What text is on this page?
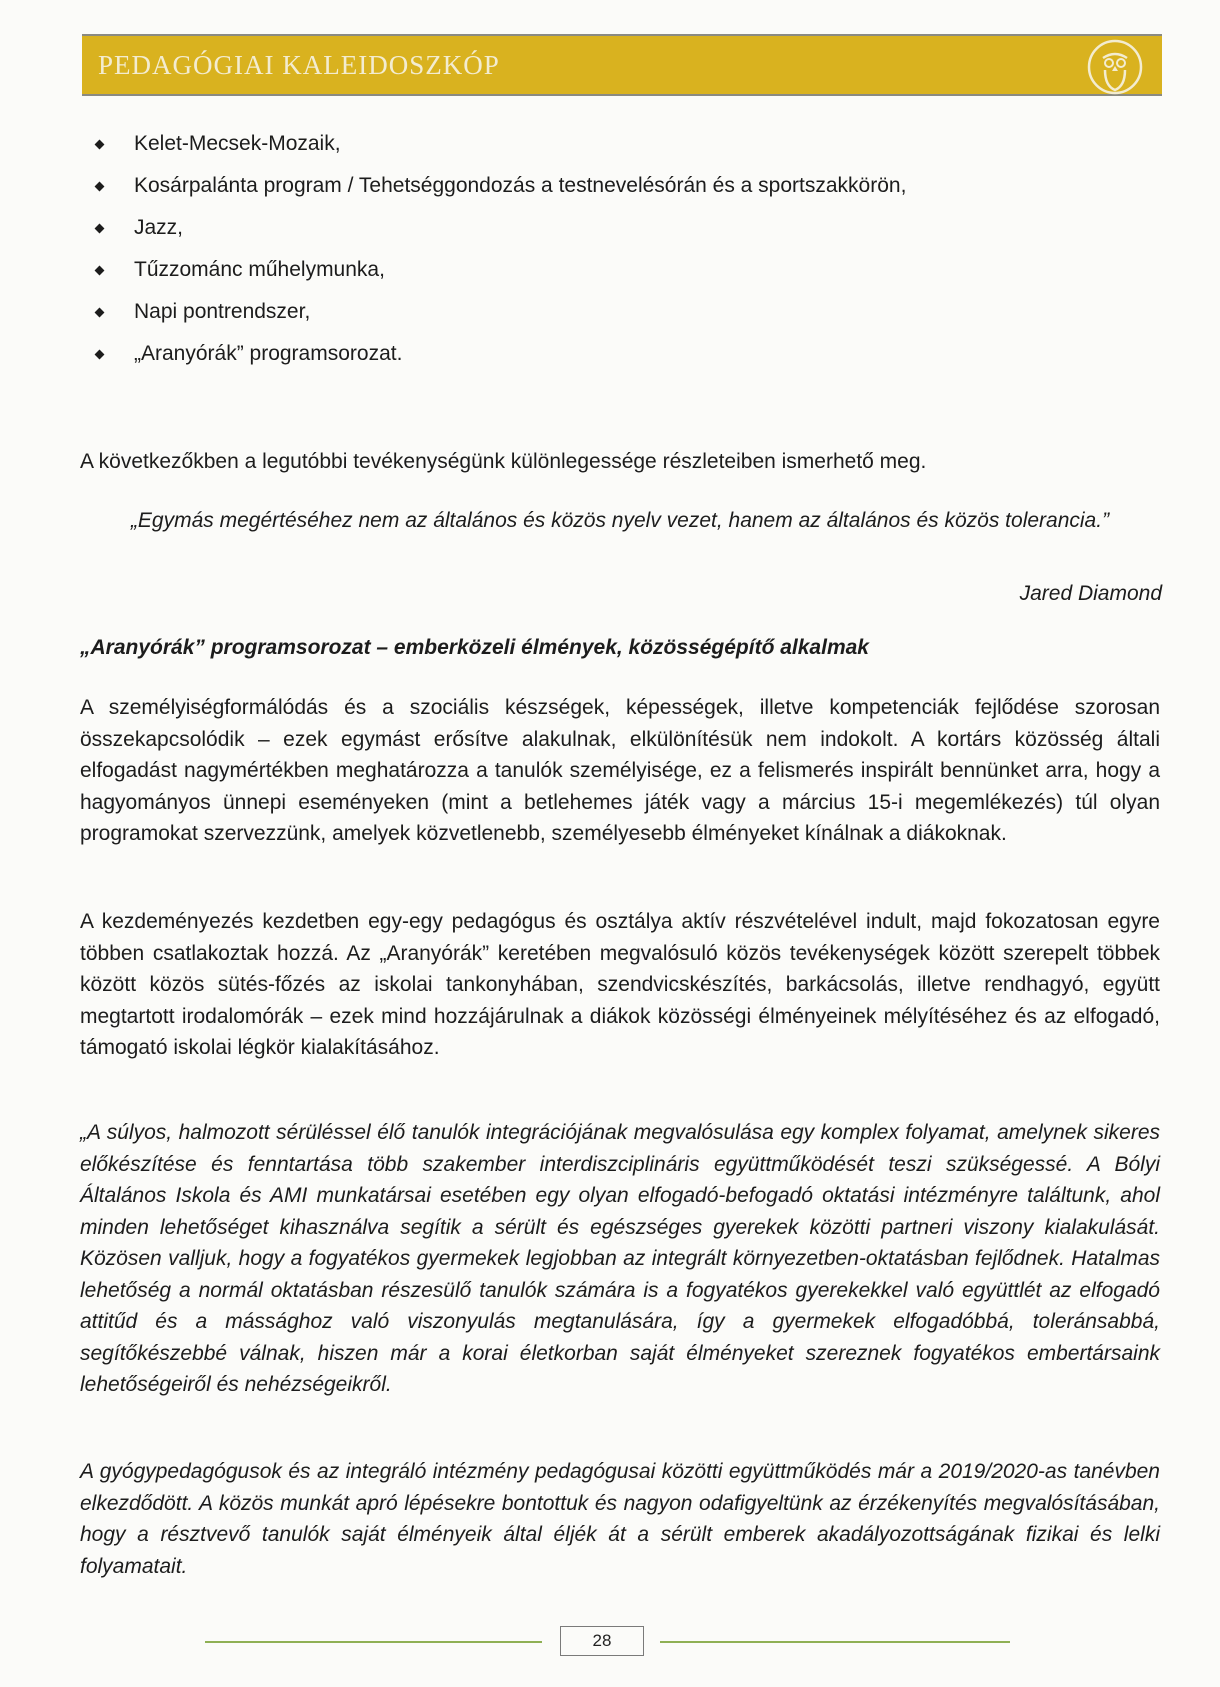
PEDAGÓGIAI KALEIDOSZKÓP
Kelet-Mecsek-Mozaik,
Kosárpalánta program / Tehetséggondozás a testnevelésórán és a sportszakkörön,
Jazz,
Tűzzománc műhelymunka,
Napi pontrendszer,
„Aranyórák” programsorozat.

A következőkben a legutóbbi tevékenységünk különlegessége részleteiben ismerhető meg.

„Egymás megértéséhez nem az általános és közös nyelv vezet, hanem az általános és közös tolerancia.”

Jared Diamond
„Aranyórák” programsorozat – emberközeli élmények, közösségépítő alkalmak

A személyiségformálódás és a szociális készségek, képességek, illetve kompetenciák fejlődése szorosan összekapcsolódik – ezek egymást erősítve alakulnak, elkülönítésük nem indokolt. A kortárs közösség általi elfogadást nagymértékben meghatározza a tanulók személyisége, ez a felismerés inspirált bennünket arra, hogy a hagyományos ünnepi eseményeken (mint a betlehemes játék vagy a március 15-i megemlékezés) túl olyan programokat szervezzünk, amelyek közvetlenebb, személyesebb élményeket kínálnak a diákoknak.

A kezdeményezés kezdetben egy-egy pedagógus és osztálya aktív részvételével indult, majd fokozatosan egyre többen csatlakoztak hozzá. Az „Aranyórák” keretében megvalósuló közös tevékenységek között szerepelt többek között közös sütés-főzés az iskolai tankonyhában, szendvicskészítés, barkácsolás, illetve rendhagyó, együtt megtartott irodalomórák – ezek mind hozzájárulnak a diákok közösségi élményeinek mélyítéséhez és az elfogadó, támogató iskolai légkör kialakításához.

„A súlyos, halmozott sérüléssel élő tanulók integrációjának megvalósulása egy komplex folyamat, amelynek sikeres előkészítése és fenntartása több szakember interdiszciplináris együttműködését teszi szükségessé. A Bólyi Általános Iskola és AMI munkatársai esetében egy olyan elfogadó-befogadó oktatási intézményre találtunk, ahol minden lehetőséget kihasználva segítik a sérült és egészséges gyerekek közötti partneri viszony kialakulását. Közösen valljuk, hogy a fogyatékos gyermekek legjobban az integrált környezetben-oktatásban fejlődnek. Hatalmas lehetőség a normál oktatásban részesülő tanulók számára is a fogyatékos gyerekekkel való együttlét az elfogadó attitűd és a mássághoz való viszonyulás megtanulására, így a gyermekek elfogadóbbá, toleránsabbá, segítőkészebbé válnak, hiszen már a korai életkorban saját élményeket szereznek fogyatékos embertársaink lehetőségeiről és nehézségeikről.

A gyógypedagógusok és az integráló intézmény pedagógusai közötti együttműködés már a 2019/2020-as tanévben elkezdődött. A közös munkát apró lépésekre bontottuk és nagyon odafigyeltünk az érzékenyítés megvalósításában, hogy a résztvevő tanulók saját élményeik által éljék át a sérült emberek akadályozottságának fizikai és lelki folyamatait.

28
